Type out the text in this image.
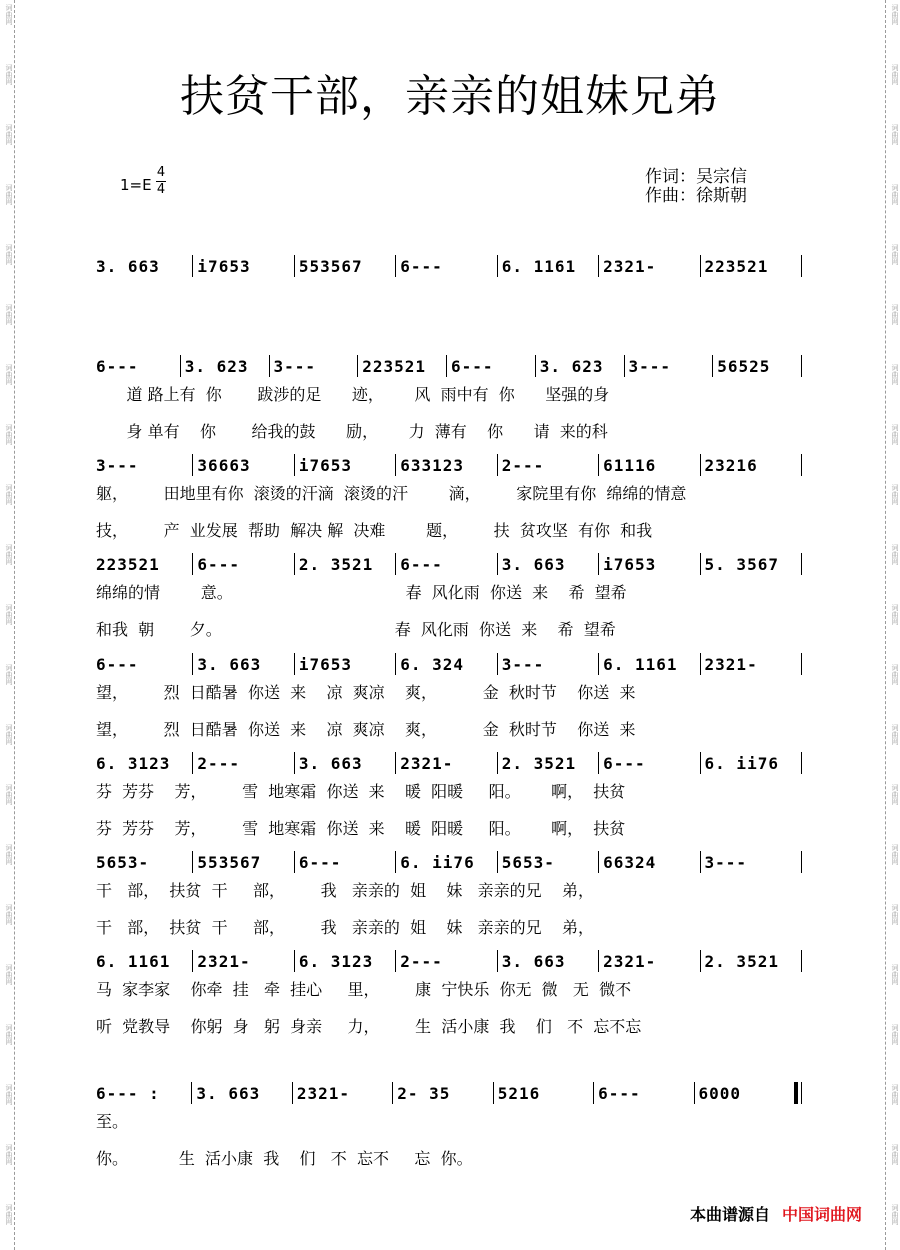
词曲网	词曲网
词曲网	词曲网
词曲网	词曲网
词曲网	词曲网
词曲网	词曲网
词曲网	词曲网
词曲网	词曲网
词曲网	词曲网
词曲网	词曲网
词曲网	词曲网
词曲网	词曲网
词曲网	词曲网
词曲网	词曲网
词曲网	词曲网
词曲网	词曲网
词曲网	词曲网
词曲网	词曲网
词曲网	词曲网
词曲网	词曲网
词曲网	词曲网
词曲网	词曲网
扶贫干部，亲亲的姐妹兄弟
1=E
4
4
作词：吴宗信
作曲：徐斯朝
3. 663	i7653	553567	6---	6. 1161	2321-	223521
6---	3. 623	3---	223521	6---	3. 623	3---	56525
道 路上有  你       跋涉的足      迹，      风  雨中有  你      坚强的身
身 单有    你       给我的鼓      励，      力  薄有    你      请  来的科
3---	36663	i7653	633123	2---	61116	23216
躯，       田地里有你  滚烫的汗滴  滚烫的汗        滴，       家院里有你  绵绵的情意
技，       产  业发展  帮助  解决 解  决难        题，       扶  贫攻坚  有你  和我
223521	6---	2. 3521	6---	3. 663	i7653	5. 3567
绵绵的情        意。                                  春  风化雨  你送  来    希  望希
和我  朝       夕。                                  春  风化雨  你送  来    希  望希
6---	3. 663	i7653	6. 324	3---	6. 1161	2321-
望，       烈  日酷暑  你送  来    凉  爽凉    爽，         金  秋时节    你送  来
望，       烈  日酷暑  你送  来    凉  爽凉    爽，         金  秋时节    你送  来
6. 3123	2---	3. 663	2321-	2. 3521	6---	6. ii76
芬  芳芬    芳，       雪  地寒霜  你送  来    暖  阳暖     阳。      啊，  扶贫
芬  芳芬    芳，       雪  地寒霜  你送  来    暖  阳暖     阳。      啊，  扶贫
5653-	553567	6---	6. ii76	5653-	66324	3---
干   部，  扶贫  干     部，       我   亲亲的  姐    妹   亲亲的兄    弟，
干   部，  扶贫  干     部，       我   亲亲的  姐    妹   亲亲的兄    弟，
6. 1161	2321-	6. 3123	2---	3. 663	2321-	2. 3521
马  家李家    你牵  挂   牵  挂心     里，       康  宁快乐  你无  微   无  微不
听  党教导    你躬  身   躬  身亲     力，       生  活小康  我    们   不  忘不忘
6--- :	3. 663	2321-	2- 35	5216	6---	6000
至。
你。          生  活小康  我    们   不  忘不     忘  你。
本曲谱源自 中国词曲网
